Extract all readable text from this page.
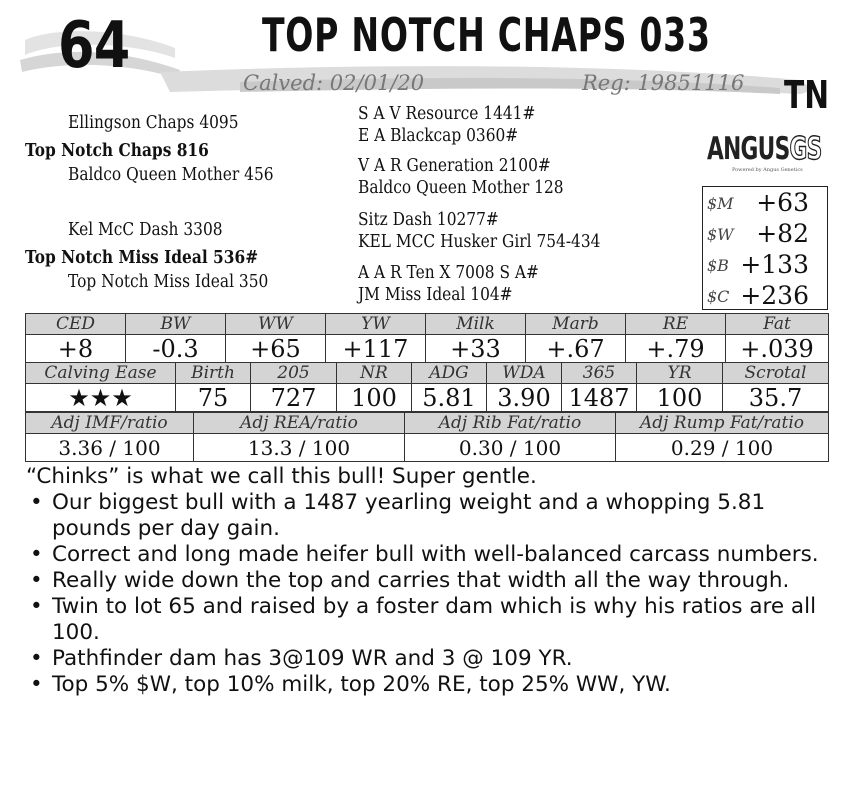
64	TOP NOTCH CHAPS 033
Calved: 02/01/20	Reg: 19851116 TN
Ellingson Chaps 4095
Top Notch Chaps 816
Baldco Queen Mother 456
Kel McC Dash 3308
Top Notch Miss Ideal 536#
Top Notch Miss Ideal 350
S A V Resource 1441#
E A Blackcap 0360#
V A R Generation 2100#
Baldco Queen Mother 128
Sitz Dash 10277#
KEL MCC Husker Girl 754-434
A A R Ten X 7008 S A#
JM Miss Ideal 104#
ANGUSGS
Powered by Angus Genetics
$M +63
$W +82
$B +133
$C +236
CED	BW	WW	YW	Milk	Marb	RE	Fat
+8	-0.3	+65	+117	+33	+.67	+.79	+.039
Calving Ease	Birth	205	NR	ADG	WDA	365	YR	Scrotal
★★★	75	727	100	5.81	3.90	1487	100	35.7
Adj IMF/ratio	Adj REA/ratio	Adj Rib Fat/ratio	Adj Rump Fat/ratio
3.36 / 100	13.3 / 100	0.30 / 100	0.29 / 100
“Chinks” is what we call this bull! Super gentle.
• Our biggest bull with a 1487 yearling weight and a whopping 5.81 pounds per day gain.
• Correct and long made heifer bull with well-balanced carcass numbers.
• Really wide down the top and carries that width all the way through.
• Twin to lot 65 and raised by a foster dam which is why his ratios are all 100.
• Pathfinder dam has 3@109 WR and 3 @ 109 YR.
• Top 5% $W, top 10% milk, top 20% RE, top 25% WW, YW.
